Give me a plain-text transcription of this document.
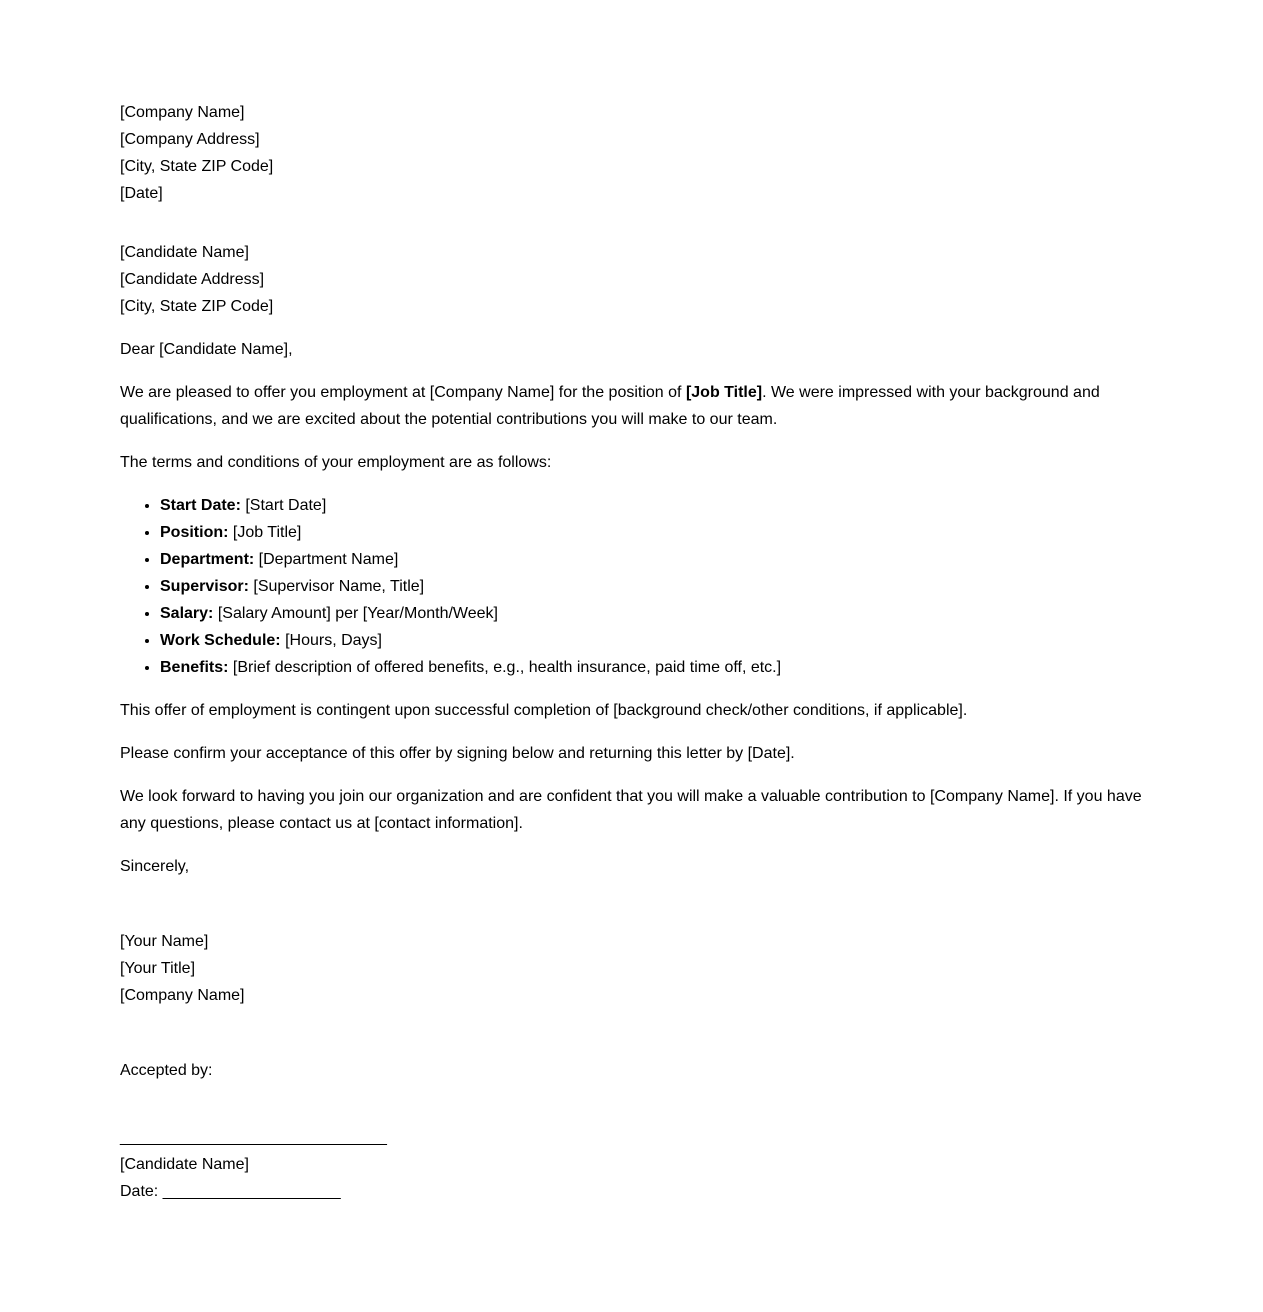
[Company Name]
[Company Address]
[City, State ZIP Code]
[Date]
[Candidate Name]
[Candidate Address]
[City, State ZIP Code]

Dear [Candidate Name],

We are pleased to offer you employment at [Company Name] for the position of [Job Title]. We were impressed with your background and qualifications, and we are excited about the potential contributions you will make to our team.

The terms and conditions of your employment are as follows:

• Start Date: [Start Date]
• Position: [Job Title]
• Department: [Department Name]
• Supervisor: [Supervisor Name, Title]
• Salary: [Salary Amount] per [Year/Month/Week]
• Work Schedule: [Hours, Days]
• Benefits: [Brief description of offered benefits, e.g., health insurance, paid time off, etc.]

This offer of employment is contingent upon successful completion of [background check/other conditions, if applicable].

Please confirm your acceptance of this offer by signing below and returning this letter by [Date].

We look forward to having you join our organization and are confident that you will make a valuable contribution to [Company Name]. If you have any questions, please contact us at [contact information].

Sincerely,

[Your Name]
[Your Title]
[Company Name]
Accepted by:
______________________________
[Candidate Name]
Date: ____________________
